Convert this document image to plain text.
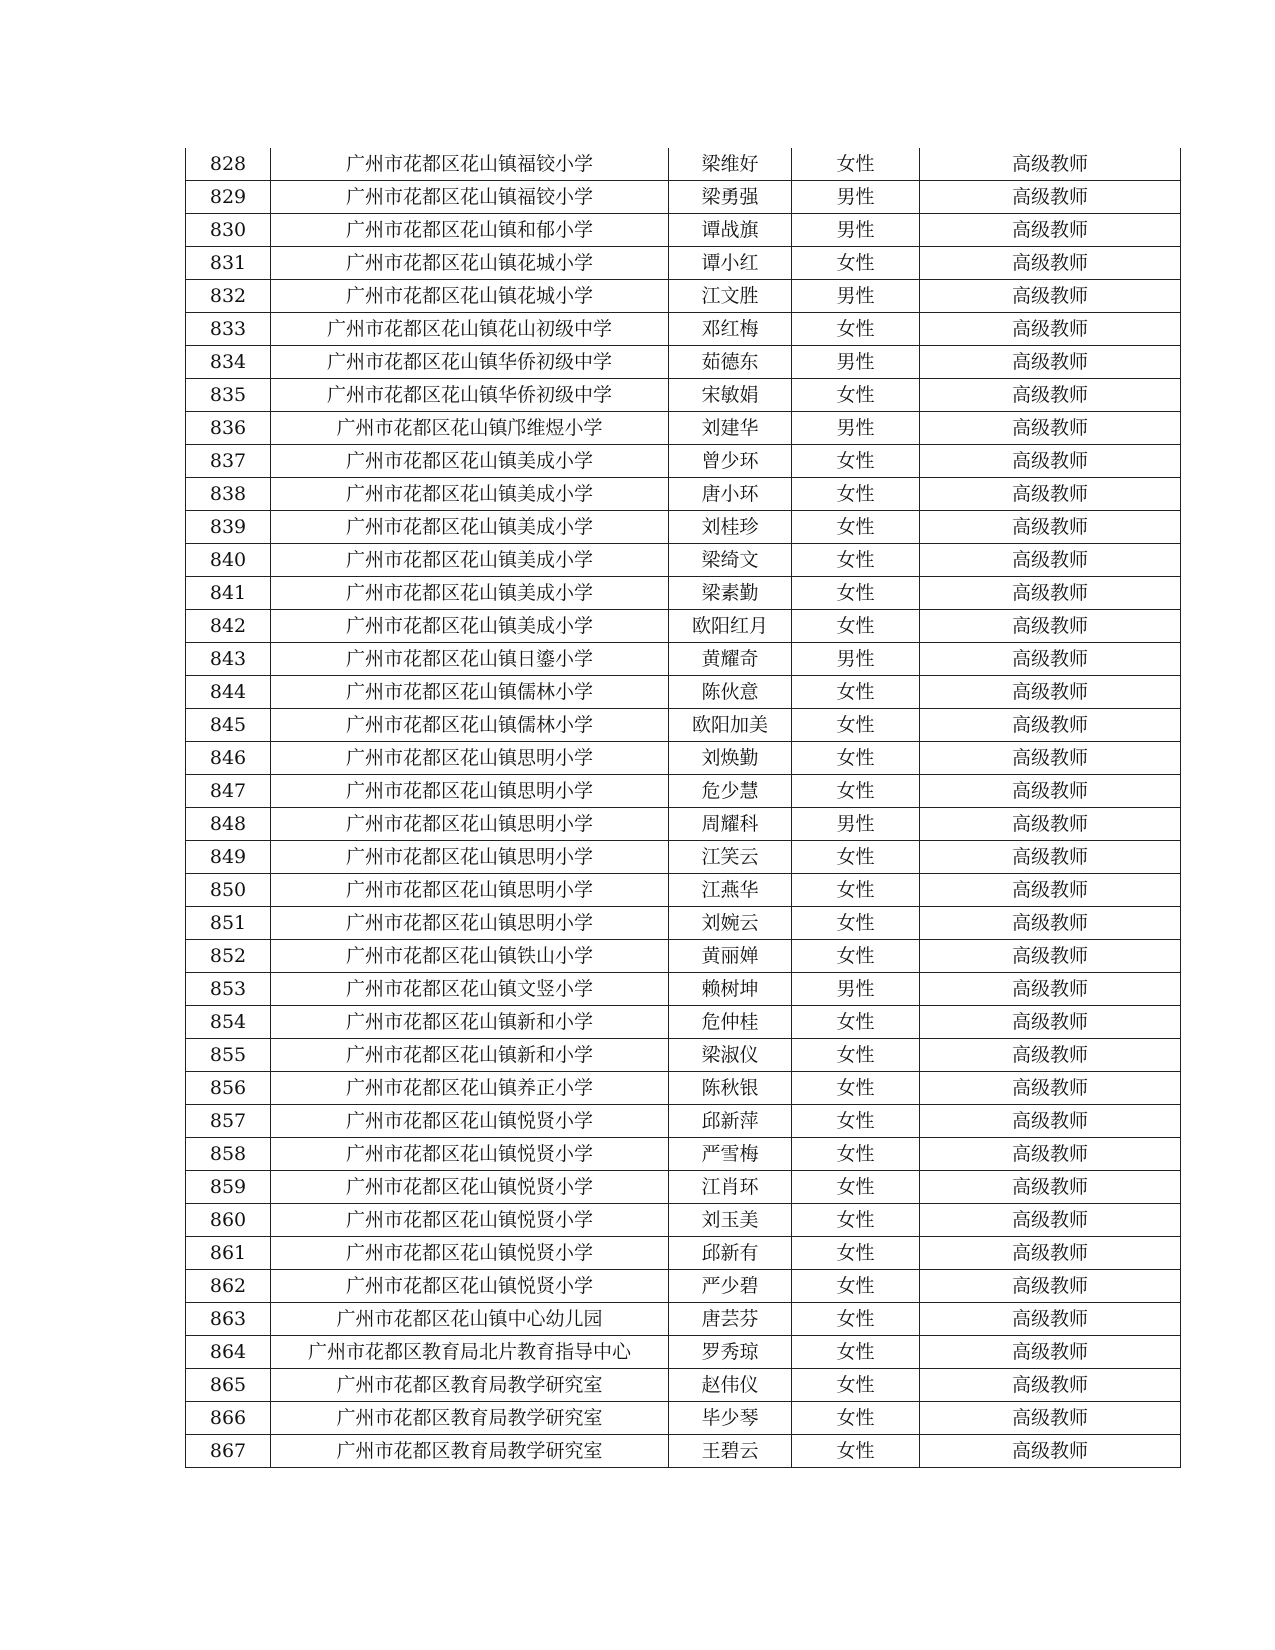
828	广州市花都区花山镇福铰小学	梁维好	女性	高级教师
829	广州市花都区花山镇福铰小学	梁勇强	男性	高级教师
830	广州市花都区花山镇和郁小学	谭战旗	男性	高级教师
831	广州市花都区花山镇花城小学	谭小红	女性	高级教师
832	广州市花都区花山镇花城小学	江文胜	男性	高级教师
833	广州市花都区花山镇花山初级中学	邓红梅	女性	高级教师
834	广州市花都区花山镇华侨初级中学	茹德东	男性	高级教师
835	广州市花都区花山镇华侨初级中学	宋敏娟	女性	高级教师
836	广州市花都区花山镇邝维煜小学	刘建华	男性	高级教师
837	广州市花都区花山镇美成小学	曾少环	女性	高级教师
838	广州市花都区花山镇美成小学	唐小环	女性	高级教师
839	广州市花都区花山镇美成小学	刘桂珍	女性	高级教师
840	广州市花都区花山镇美成小学	梁绮文	女性	高级教师
841	广州市花都区花山镇美成小学	梁素勤	女性	高级教师
842	广州市花都区花山镇美成小学	欧阳红月	女性	高级教师
843	广州市花都区花山镇日鎏小学	黄耀奇	男性	高级教师
844	广州市花都区花山镇儒林小学	陈伙意	女性	高级教师
845	广州市花都区花山镇儒林小学	欧阳加美	女性	高级教师
846	广州市花都区花山镇思明小学	刘焕勤	女性	高级教师
847	广州市花都区花山镇思明小学	危少慧	女性	高级教师
848	广州市花都区花山镇思明小学	周耀科	男性	高级教师
849	广州市花都区花山镇思明小学	江笑云	女性	高级教师
850	广州市花都区花山镇思明小学	江燕华	女性	高级教师
851	广州市花都区花山镇思明小学	刘婉云	女性	高级教师
852	广州市花都区花山镇铁山小学	黄丽婵	女性	高级教师
853	广州市花都区花山镇文竖小学	赖树坤	男性	高级教师
854	广州市花都区花山镇新和小学	危仲桂	女性	高级教师
855	广州市花都区花山镇新和小学	梁淑仪	女性	高级教师
856	广州市花都区花山镇养正小学	陈秋银	女性	高级教师
857	广州市花都区花山镇悦贤小学	邱新萍	女性	高级教师
858	广州市花都区花山镇悦贤小学	严雪梅	女性	高级教师
859	广州市花都区花山镇悦贤小学	江肖环	女性	高级教师
860	广州市花都区花山镇悦贤小学	刘玉美	女性	高级教师
861	广州市花都区花山镇悦贤小学	邱新有	女性	高级教师
862	广州市花都区花山镇悦贤小学	严少碧	女性	高级教师
863	广州市花都区花山镇中心幼儿园	唐芸芬	女性	高级教师
864	广州市花都区教育局北片教育指导中心	罗秀琼	女性	高级教师
865	广州市花都区教育局教学研究室	赵伟仪	女性	高级教师
866	广州市花都区教育局教学研究室	毕少琴	女性	高级教师
867	广州市花都区教育局教学研究室	王碧云	女性	高级教师
